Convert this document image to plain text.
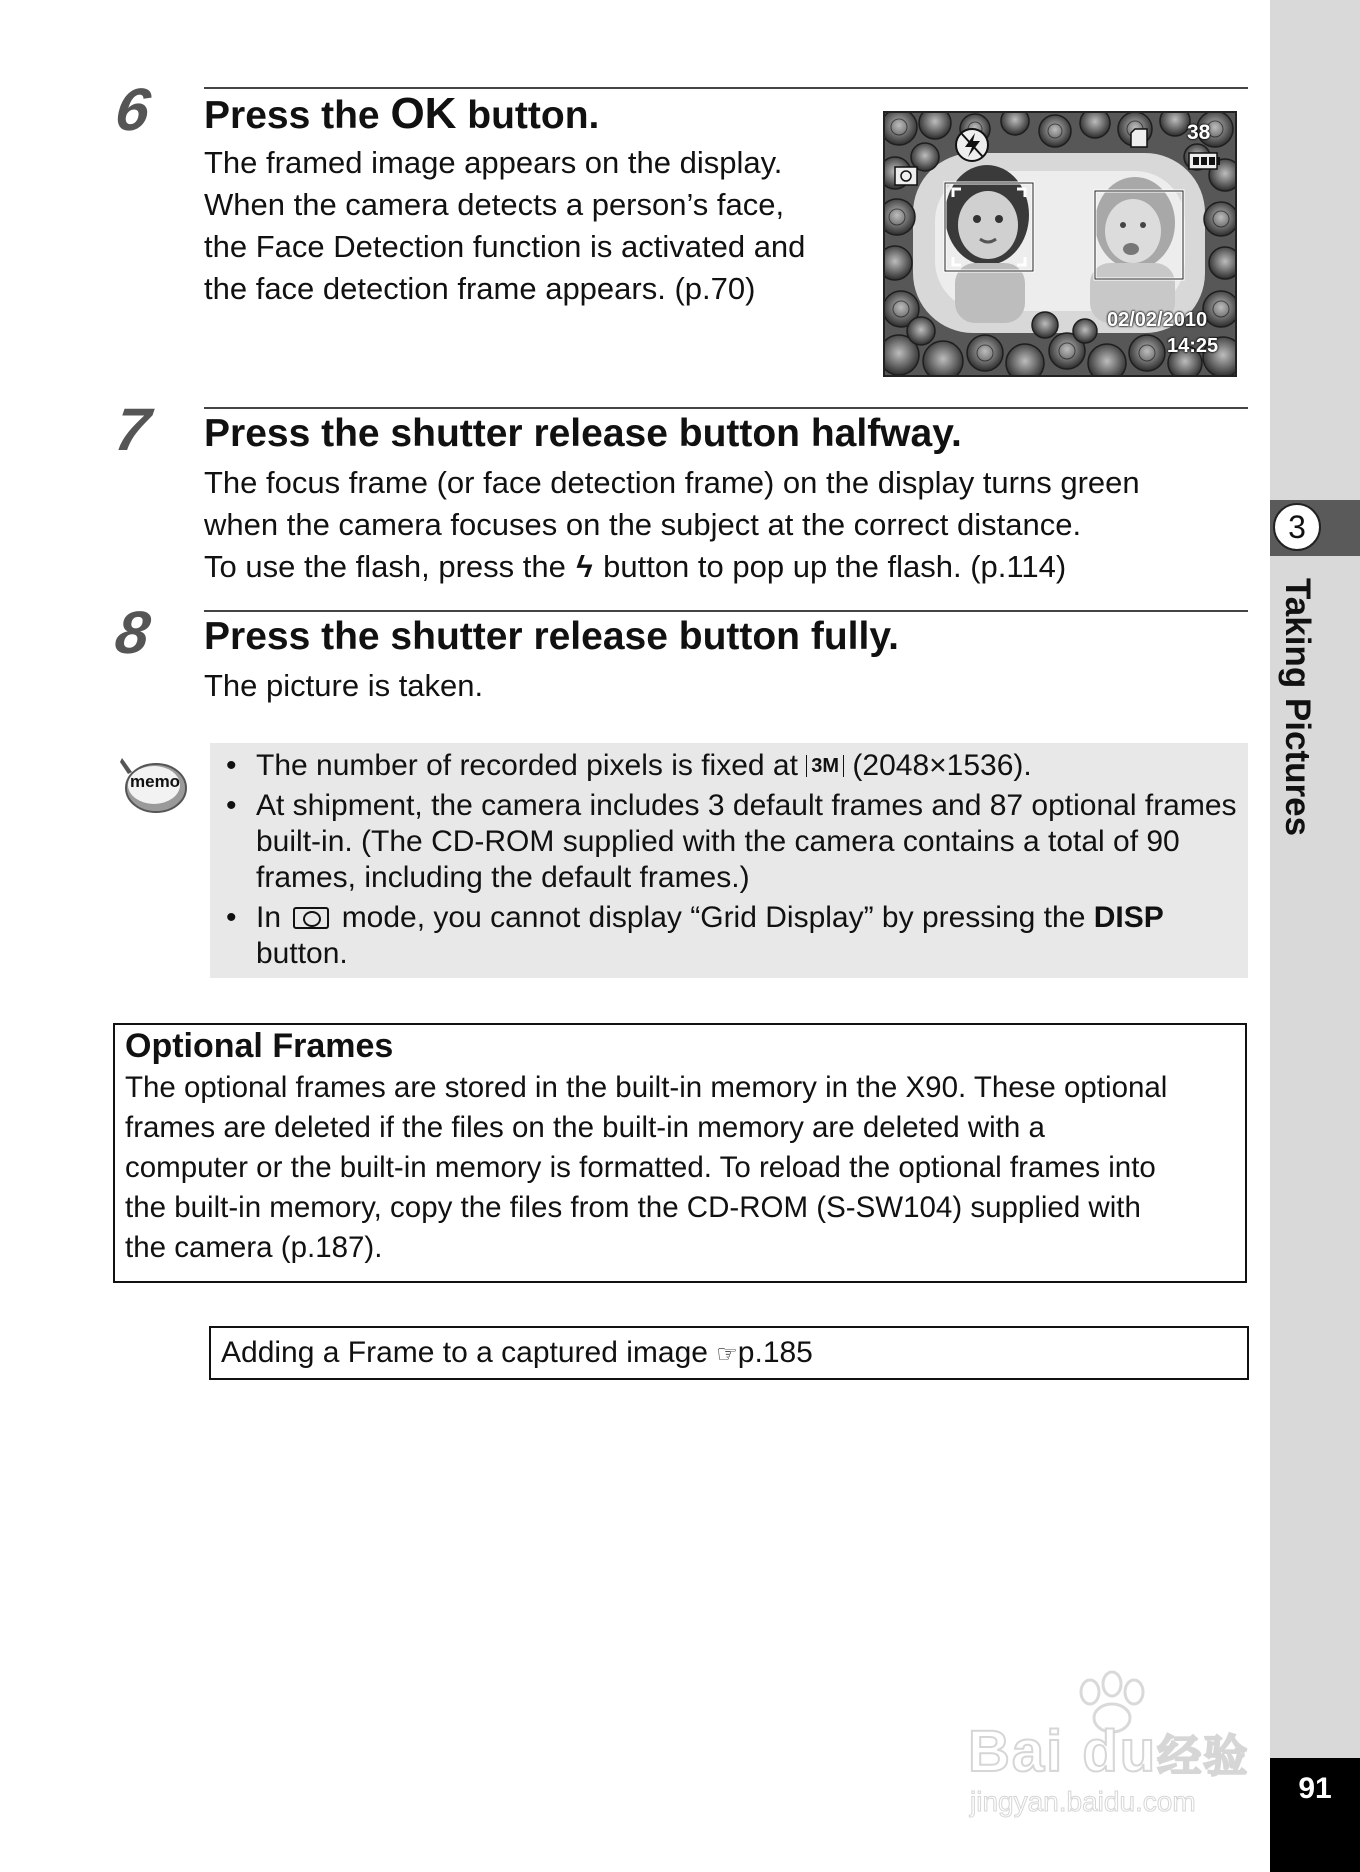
3
Taking Pictures
91
6 Press the OK button.
The framed image appears on the display.
When the camera detects a person’s face,
the Face Detection function is activated and
the face detection frame appears. (p.70)
38
02/02/2010
14:25
7 Press the shutter release button halfway.
The focus frame (or face detection frame) on the display turns green
when the camera focuses on the subject at the correct distance.
To use the flash, press the ϟ button to pop up the flash. (p.114)
8 Press the shutter release button fully.
The picture is taken.
memo • The number of recorded pixels is fixed at 3M (2048×1536).
• At shipment, the camera includes 3 default frames and 87 optional frames built-in. (The CD-ROM supplied with the camera contains a total of 90 frames, including the default frames.)
• In  mode, you cannot display “Grid Display” by pressing the DISP button.
Optional Frames
The optional frames are stored in the built-in memory in the X90. These optional
frames are deleted if the files on the built-in memory are deleted with a
computer or the built-in memory is formatted. To reload the optional frames into
the built-in memory, copy the files from the CD-ROM (S-SW104) supplied with
the camera (p.187).
Adding a Frame to a captured image ☞p.185
Bai du经验
jingyan.baidu.com
